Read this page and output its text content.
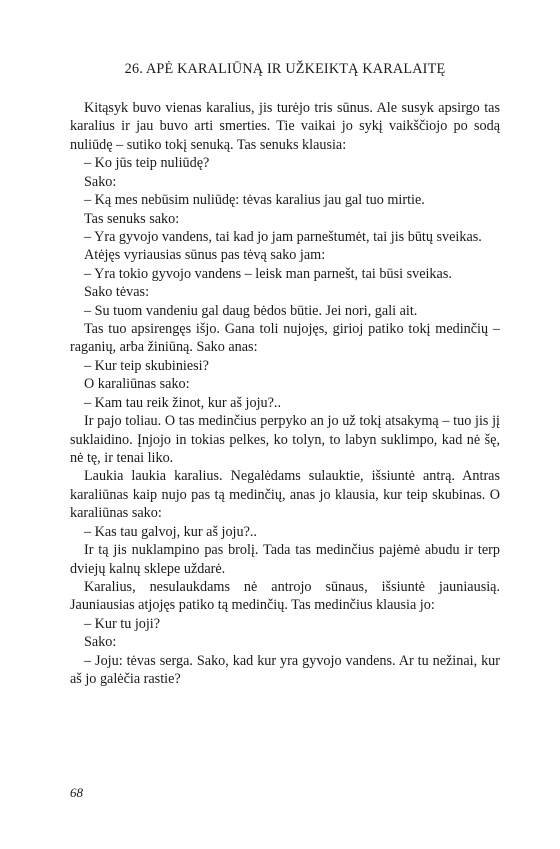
26. APĖ KARALIŪNĄ IR UŽKEIKTĄ KARALAITĘ

Kitąsyk buvo vienas karalius, jis turėjo tris sūnus. Ale susyk apsirgo tas karalius ir jau buvo arti smerties. Tie vaikai jo sykį vaikščiojo po sodą nuliūdę – sutiko tokį senuką. Tas senuks klausia:

– Ko jūs teip nuliūdę?

Sako:

– Ką mes nebūsim nuliūdę: tėvas karalius jau gal tuo mirtie.

Tas senuks sako:

– Yra gyvojo vandens, tai kad jo jam parneštumėt, tai jis būtų sveikas.

Atėjęs vyriausias sūnus pas tėvą sako jam:

– Yra tokio gyvojo vandens – leisk man parnešt, tai būsi sveikas.

Sako tėvas:

– Su tuom vandeniu gal daug bėdos būtie. Jei nori, gali ait.

Tas tuo apsirengęs išjo. Gana toli nujojęs, girioj patiko tokį medinčių – raganių, arba žiniūną. Sako anas:

– Kur teip skubiniesi?

O karaliūnas sako:

– Kam tau reik žinot, kur aš joju?..

Ir pajo toliau. O tas medinčius perpyko an jo už tokį atsakymą – tuo jis jį suklaidino. Įnjojo in tokias pelkes, ko tolyn, to labyn suklimpo, kad nė šę, nė tę, ir tenai liko.

Laukia laukia karalius. Negalėdams sulauktie, išsiuntė antrą. Antras karaliūnas kaip nujo pas tą medinčių, anas jo klausia, kur teip skubinas. O karaliūnas sako:

– Kas tau galvoj, kur aš joju?..

Ir tą jis nuklampino pas brolį. Tada tas medinčius pajėmė abudu ir terp dviejų kalnų sklepe uždarė.

Karalius, nesulaukdams nė antrojo sūnaus, išsiuntė jauniausią. Jauniausias atjojęs patiko tą medinčių. Tas medinčius klausia jo:

– Kur tu joji?

Sako:

– Joju: tėvas serga. Sako, kad kur yra gyvojo vandens. Ar tu nežinai, kur aš jo galėčia rastie?

68
